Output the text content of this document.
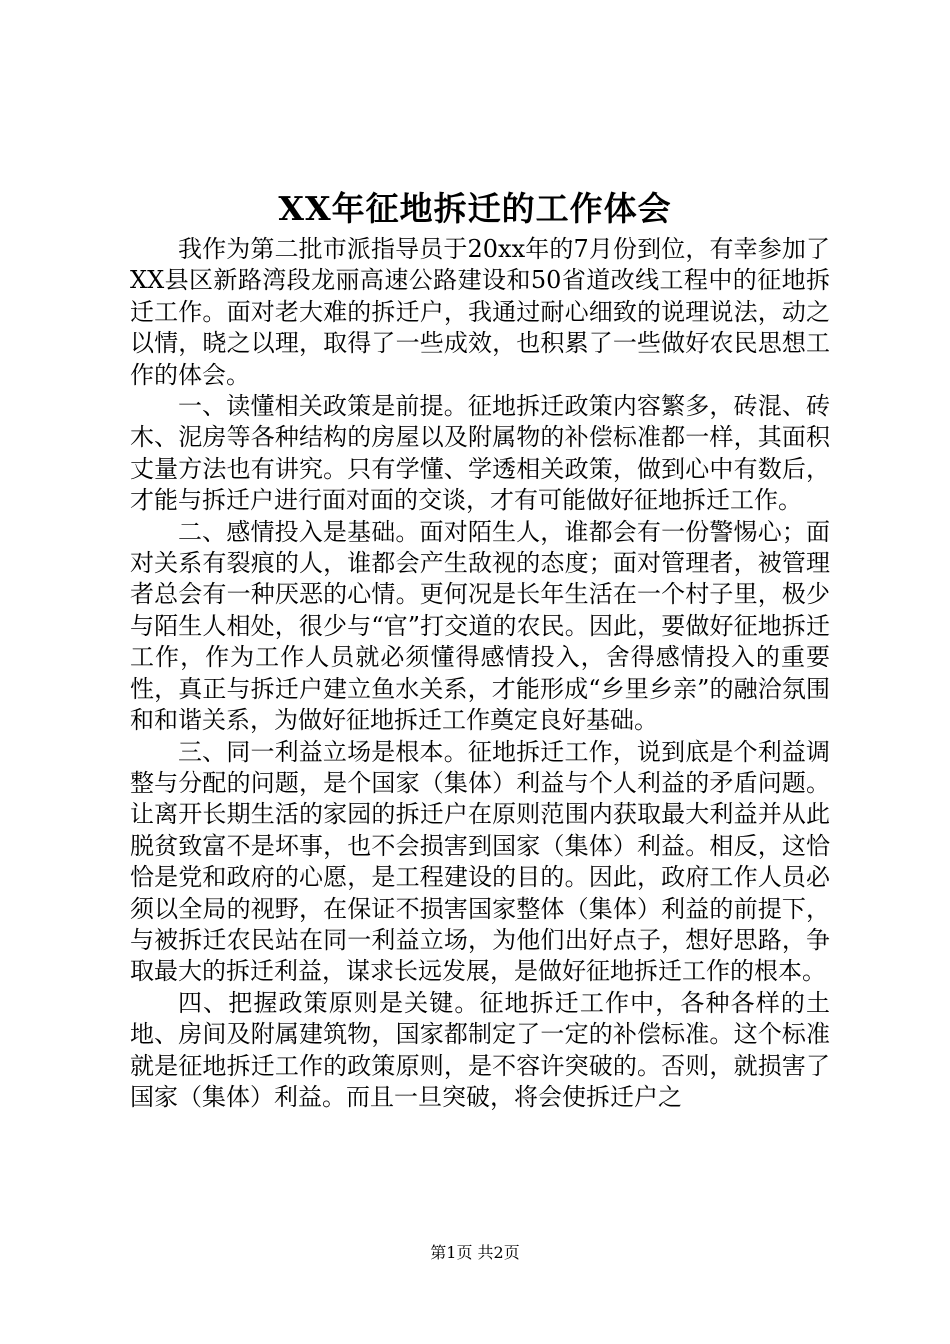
XX年征地拆迁的工作体会

我作为第二批市派指导员于20xx年的7月份到位，有幸参加了XX县区新路湾段龙丽高速公路建设和50省道改线工程中的征地拆迁工作。面对老大难的拆迁户，我通过耐心细致的说理说法，动之以情，晓之以理，取得了一些成效，也积累了一些做好农民思想工作的体会。

一、读懂相关政策是前提。征地拆迁政策内容繁多，砖混、砖木、泥房等各种结构的房屋以及附属物的补偿标准都一样，其面积丈量方法也有讲究。只有学懂、学透相关政策，做到心中有数后，才能与拆迁户进行面对面的交谈，才有可能做好征地拆迁工作。

二、感情投入是基础。面对陌生人，谁都会有一份警惕心；面对关系有裂痕的人，谁都会产生敌视的态度；面对管理者，被管理者总会有一种厌恶的心情。更何况是长年生活在一个村子里，极少与陌生人相处，很少与“官”打交道的农民。因此，要做好征地拆迁工作，作为工作人员就必须懂得感情投入，舍得感情投入的重要性，真正与拆迁户建立鱼水关系，才能形成“乡里乡亲”的融洽氛围和和谐关系，为做好征地拆迁工作奠定良好基础。

三、同一利益立场是根本。征地拆迁工作，说到底是个利益调整与分配的问题，是个国家（集体）利益与个人利益的矛盾问题。让离开长期生活的家园的拆迁户在原则范围内获取最大利益并从此脱贫致富不是坏事，也不会损害到国家（集体）利益。相反，这恰恰是党和政府的心愿，是工程建设的目的。因此，政府工作人员必须以全局的视野，在保证不损害国家整体（集体）利益的前提下，与被拆迁农民站在同一利益立场，为他们出好点子，想好思路，争取最大的拆迁利益，谋求长远发展，是做好征地拆迁工作的根本。

四、把握政策原则是关键。征地拆迁工作中，各种各样的土地、房间及附属建筑物，国家都制定了一定的补偿标准。这个标准就是征地拆迁工作的政策原则，是不容许突破的。否则，就损害了国家（集体）利益。而且一旦突破，将会使拆迁户之

第1页 共2页
